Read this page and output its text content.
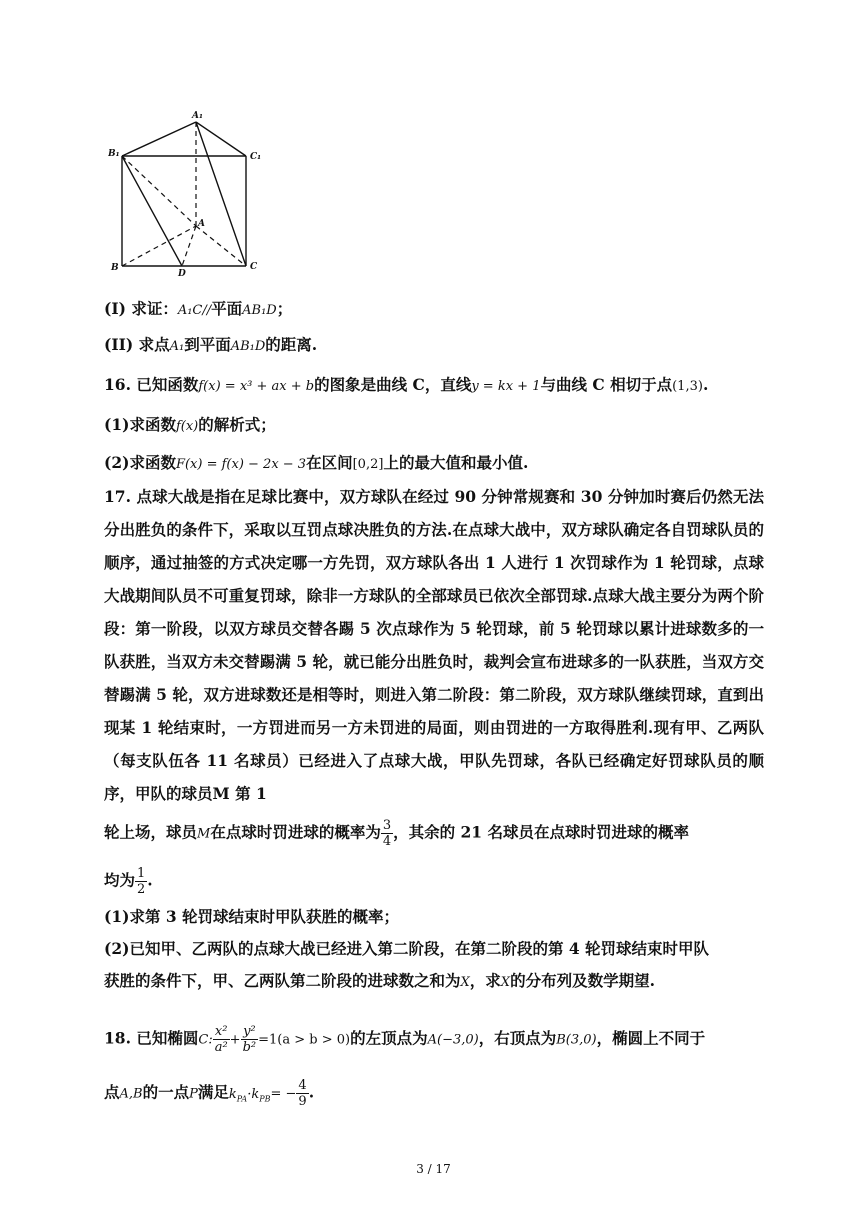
A₁
B₁	C₁
A
B	C
D
(I) 求证：A₁C//平面AB₁D；
(II) 求点A₁到平面AB₁D的距离.
16. 已知函数f(x) = x³ + ax + b的图象是曲线 C，直线y = kx + 1与曲线 C 相切于点(1,3).
(1)求函数f(x)的解析式；
(2)求函数F(x) = f(x) − 2x − 3在区间[0,2]上的最大值和最小值.
17. 点球大战是指在足球比赛中，双方球队在经过 90 分钟常规赛和 30 分钟加时赛后仍然无法分出胜负的条件下，采取以互罚点球决胜负的方法.在点球大战中，双方球队确定各自罚球队员的顺序，通过抽签的方式决定哪一方先罚，双方球队各出 1 人进行 1 次罚球作为 1 轮罚球，点球大战期间队员不可重复罚球，除非一方球队的全部球员已依次全部罚球.点球大战主要分为两个阶段：第一阶段，以双方球员交替各踢 5 次点球作为 5 轮罚球，前 5 轮罚球以累计进球数多的一队获胜，当双方未交替踢满 5 轮，就已能分出胜负时，裁判会宣布进球多的一队获胜，当双方交替踢满 5 轮，双方进球数还是相等时，则进入第二阶段：第二阶段，双方球队继续罚球，直到出现某 1 轮结束时，一方罚进而另一方未罚进的局面，则由罚进的一方取得胜利.现有甲、乙两队（每支队伍各 11 名球员）已经进入了点球大战，甲队先罚球，各队已经确定好罚球队员的顺序，甲队的球员M 第 1
轮上场，球员M在点球时罚进球的概率为 $\frac{3}{4}$ ，其余的 21 名球员在点球时罚进球的概率
均为 $\frac{1}{2}$ .
(1)求第 3 轮罚球结束时甲队获胜的概率；
(2)已知甲、乙两队的点球大战已经进入第二阶段，在第二阶段的第 4 轮罚球结束时甲队
获胜的条件下，甲、乙两队第二阶段的进球数之和为X，求X的分布列及数学期望.
18. 已知椭圆C: $\frac{\text{x²}}{\text{a²}} + \frac{\text{y²}}{\text{b²}} =1(a > b > 0)$的左顶点为A(−3,0)，右顶点为B(3,0)，椭圆上不同于
点A,B的一点P满足$k_{PA}\cdot k_{PB}= - \frac{4}{9}$ .
3 / 17
